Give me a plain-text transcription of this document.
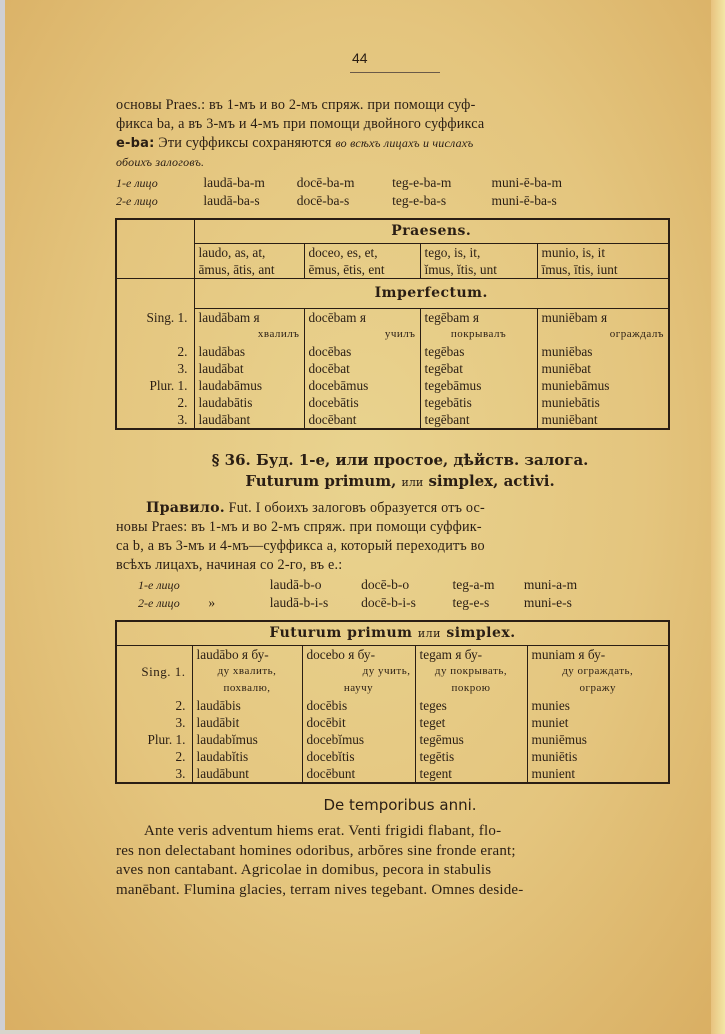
44
основы Praes.: въ 1-мъ и во 2-мъ спряж. при помощи суф-
фикса ba, а въ 3-мъ и 4-мъ при помощи двойного суффикса
e-ba: Эти суффиксы сохраняются во всѣхъ лицахъ и числахъ
обоихъ залоговъ.
1-е лицо	laudā-ba-m docē-ba-m	teg-e-ba-m	muni-ē-ba-m
2-е лицо	laudā-ba-s	docē-ba-s	teg-e-ba-s	muni-ē-ba-s
	Praesens.			
	laudo, as, at,	doceo, es, et,	tego, is, it,	munio, is, it
	āmus, ātis, ant	ēmus, ētis, ent	ĭmus, ĭtis, unt	īmus, ītis, iunt
	Imperfectum.			
Sing. 1.	laudābam я	docēbam я	tegēbam я	muniēbam я
	хвалилъ	училъ	покрывалъ	ограждалъ
2.	laudābas	docēbas	tegēbas	muniēbas
3.	laudābat	docēbat	tegēbat	muniēbat
Plur. 1.	laudabāmus	docebāmus	tegebāmus	muniebāmus
2.	laudabātis	docebātis	tegebātis	muniebātis
3.	laudābant	docēbant	tegēbant	muniēbant
§ 36. Буд. 1-е, или простое, дѣйств. залога.
Futurum primum, или simplex, activi.
Правило. Fut. I обоихъ залоговъ образуется отъ ос-
новы Praes: въ 1-мъ и во 2-мъ спряж. при помощи суффик-
са b, а въ 3-мъ и 4-мъ—суффикса a, который переходитъ во
всѣхъ лицахъ, начиная со 2-го, въ e.:
1-е лицо	laudā-b-o	docē-b-o	teg-a-m muni-a-m
2-е лицо »	laudā-b-i-s docē-b-i-s	teg-e-s	muni-e-s
Futurum primum или simplex.				
	laudābo я бу-	docebo я бу-	tegam я бу-	muniam я бу-
Sing. 1.	ду хвалить,	ду учить,	ду покрывать,	ду ограждать,
	похвалю,	научу	покрою	огражу
2.	laudābis	docēbis	teges	munies
3.	laudābit	docēbit	teget	muniet
Plur. 1.	laudabĭmus	docebĭmus	tegēmus	muniēmus
2.	laudabĭtis	docebĭtis	tegētis	muniētis
3.	laudābunt	docēbunt	tegent	munient
De temporibus anni.
Ante veris adventum hiems erat. Venti frigidi flabant, flo-
res non delectabant homines odoribus, arbŏres sine fronde erant;
aves non cantabant. Agricolae in domibus, pecora in stabulis
manēbant. Flumina glacies, terram nives tegebant. Omnes deside-
